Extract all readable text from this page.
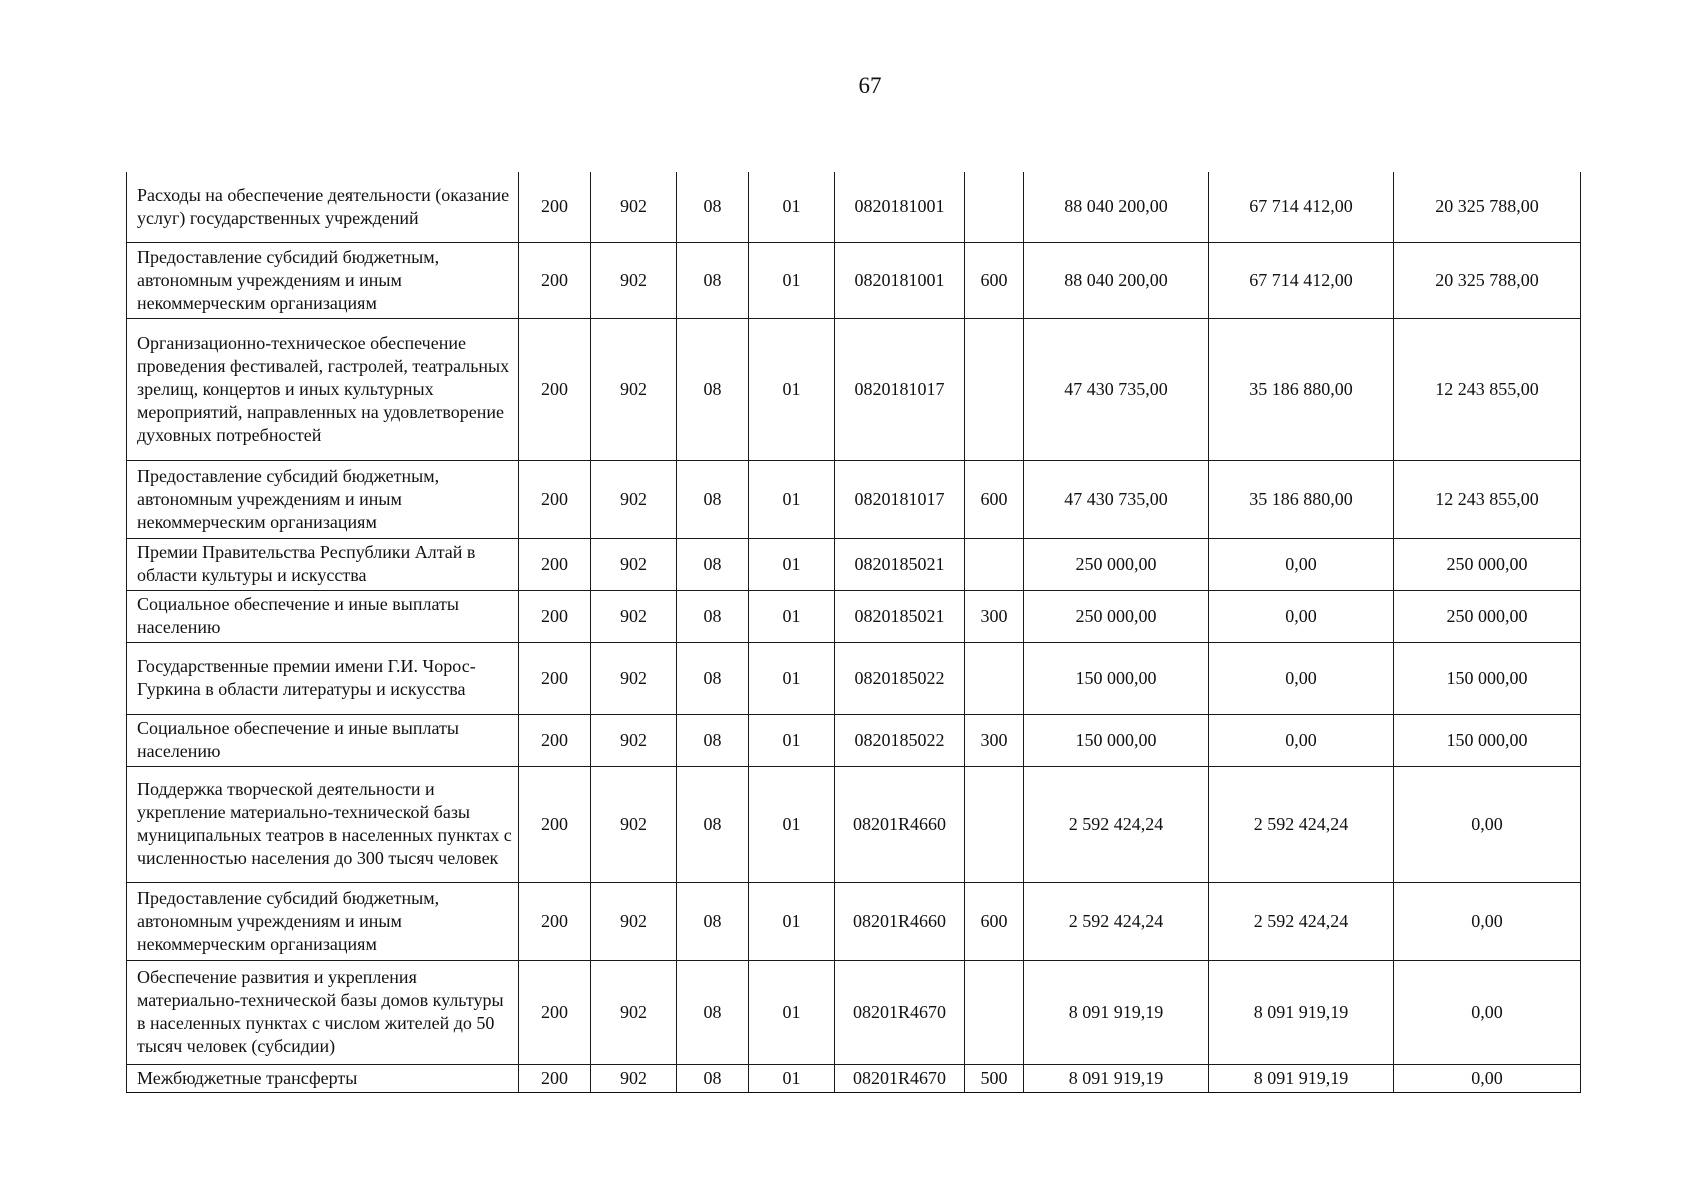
67
Расходы на обеспечение деятельности (оказание услуг) государственных учреждений	200	902	08	01	0820181001		88 040 200,00	67 714 412,00	20 325 788,00
Предоставление субсидий бюджетным, автономным учреждениям и иным некоммерческим организациям	200	902	08	01	0820181001	600	88 040 200,00	67 714 412,00	20 325 788,00
Организационно-техническое обеспечение проведения фестивалей, гастролей, театральных зрелищ, концертов и иных культурных мероприятий, направленных на удовлетворение духовных потребностей	200	902	08	01	0820181017		47 430 735,00	35 186 880,00	12 243 855,00
Предоставление субсидий бюджетным, автономным учреждениям и иным некоммерческим организациям	200	902	08	01	0820181017	600	47 430 735,00	35 186 880,00	12 243 855,00
Премии Правительства Республики Алтай в области культуры и искусства	200	902	08	01	0820185021		250 000,00	0,00	250 000,00
Социальное обеспечение и иные выплаты населению	200	902	08	01	0820185021	300	250 000,00	0,00	250 000,00
Государственные премии имени Г.И. Чорос-Гуркина в области литературы и искусства	200	902	08	01	0820185022		150 000,00	0,00	150 000,00
Социальное обеспечение и иные выплаты населению	200	902	08	01	0820185022	300	150 000,00	0,00	150 000,00
Поддержка творческой деятельности и укрепление материально-технической базы муниципальных театров в населенных пунктах с численностью населения до 300 тысяч человек	200	902	08	01	08201R4660		2 592 424,24	2 592 424,24	0,00
Предоставление субсидий бюджетным, автономным учреждениям и иным некоммерческим организациям	200	902	08	01	08201R4660	600	2 592 424,24	2 592 424,24	0,00
Обеспечение развития и укрепления материально-технической базы домов культуры в населенных пунктах с числом жителей до 50 тысяч человек (субсидии)	200	902	08	01	08201R4670		8 091 919,19	8 091 919,19	0,00
Межбюджетные трансферты	200	902	08	01	08201R4670	500	8 091 919,19	8 091 919,19	0,00
